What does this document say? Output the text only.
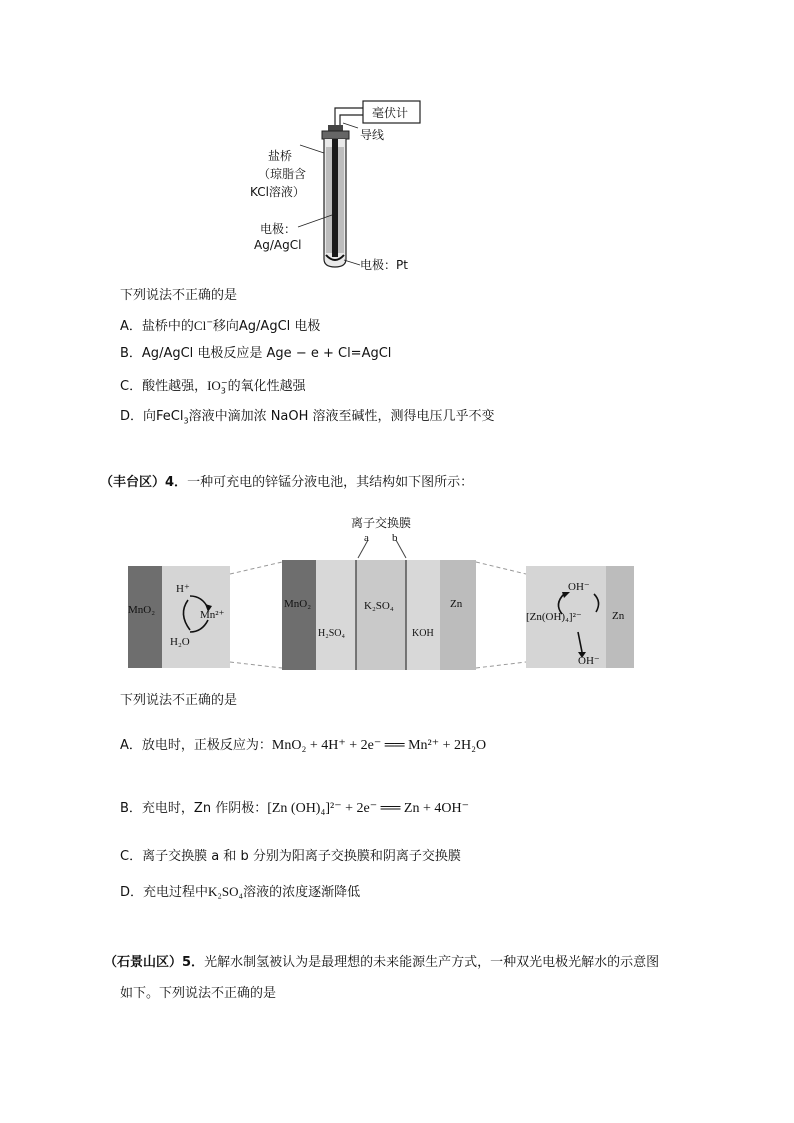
毫伏计
导线
盐桥
（琼脂含
KCl溶液）
电极：
Ag/AgCl
电极：Pt
下列说法不正确的是
A．盐桥中的Cl−移向Ag/AgCl 电极
B．Ag/AgCl 电极反应是 Age − e + Cl=AgCl
C．酸性越强，$IO_3^-$的氧化性越强
D．向FeCl$_3$溶液中滴加浓 NaOH 溶液至碱性，测得电压几乎不变
（丰台区）4．一种可充电的锌锰分液电池，其结构如下图所示：
离子交换膜
a b
MnO₂
H⁺
Mn²⁺
H₂O
MnO₂
H₂SO₄
K₂SO₄
KOH
Zn
OH⁻
[Zn(OH)₄]²⁻	Zn
OH⁻
下列说法不正确的是
A．放电时，正极反应为：MnO₂ + 4H⁺ + 2e⁻ ══ Mn²⁺ + 2H₂O
B．充电时，Zn 作阴极：[Zn (OH)₄]²⁻ + 2e⁻ ══ Zn + 4OH⁻
C．离子交换膜 a 和 b 分别为阳离子交换膜和阴离子交换膜
D．充电过程中K₂SO₄溶液的浓度逐渐降低
（石景山区）5．光解水制氢被认为是最理想的未来能源生产方式，一种双光电极光解水的示意图
如下。下列说法不正确的是
